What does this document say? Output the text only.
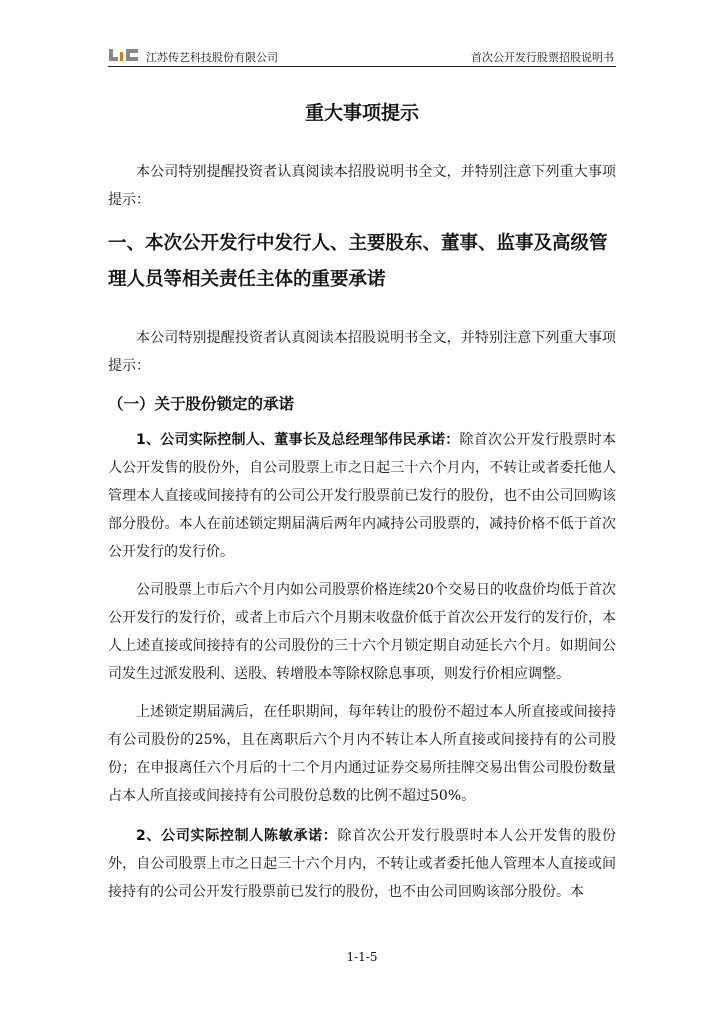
江苏传艺科技股份有限公司	首次公开发行股票招股说明书
重大事项提示

本公司特别提醒投资者认真阅读本招股说明书全文，并特别注意下列重大事项提示：

一、本次公开发行中发行人、主要股东、董事、监事及高级管理人员等相关责任主体的重要承诺

本公司特别提醒投资者认真阅读本招股说明书全文，并特别注意下列重大事项提示：

（一）关于股份锁定的承诺

1、公司实际控制人、董事长及总经理邹伟民承诺：除首次公开发行股票时本人公开发售的股份外，自公司股票上市之日起三十六个月内，不转让或者委托他人管理本人直接或间接持有的公司公开发行股票前已发行的股份，也不由公司回购该部分股份。本人在前述锁定期届满后两年内减持公司股票的，减持价格不低于首次公开发行的发行价。

公司股票上市后六个月内如公司股票价格连续20个交易日的收盘价均低于首次公开发行的发行价，或者上市后六个月期末收盘价低于首次公开发行的发行价，本人上述直接或间接持有的公司股份的三十六个月锁定期自动延长六个月。如期间公司发生过派发股利、送股、转增股本等除权除息事项，则发行价相应调整。

上述锁定期届满后，在任职期间，每年转让的股份不超过本人所直接或间接持有公司股份的25%，且在离职后六个月内不转让本人所直接或间接持有的公司股份；在申报离任六个月后的十二个月内通过证券交易所挂牌交易出售公司股份数量占本人所直接或间接持有公司股份总数的比例不超过50%。

2、公司实际控制人陈敏承诺：除首次公开发行股票时本人公开发售的股份外，自公司股票上市之日起三十六个月内，不转让或者委托他人管理本人直接或间接持有的公司公开发行股票前已发行的股份，也不由公司回购该部分股份。本

1-1-5
